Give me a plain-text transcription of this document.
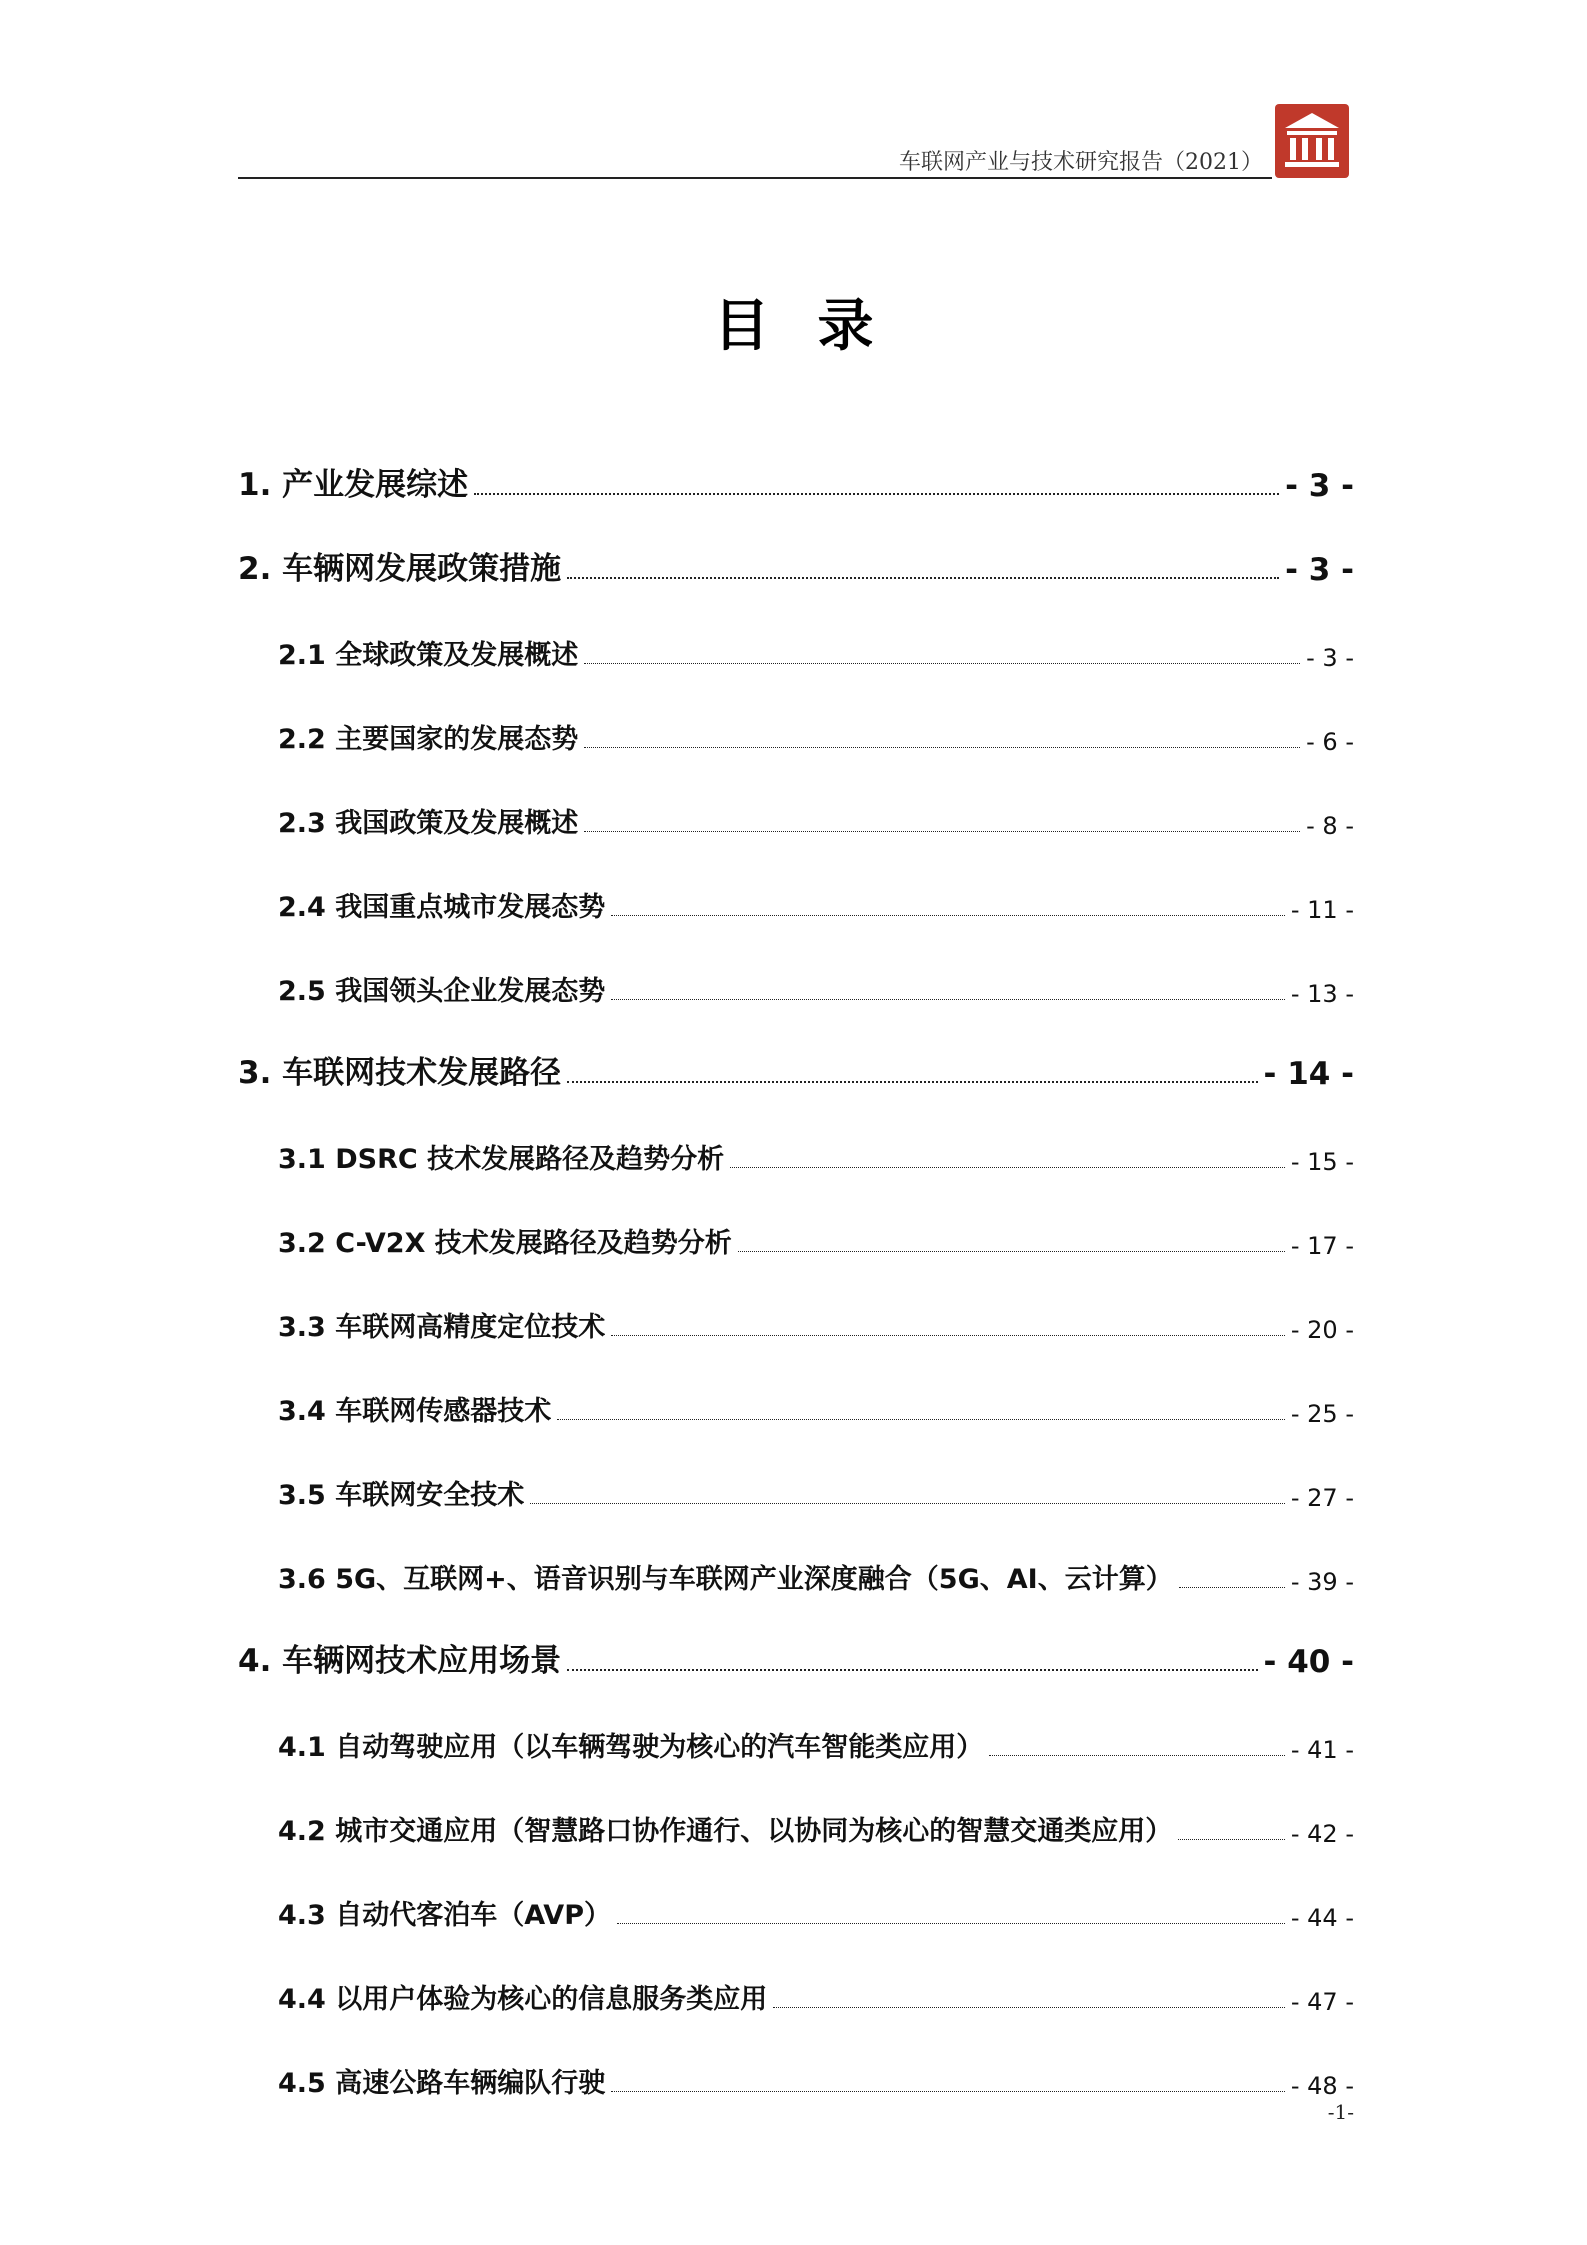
车联网产业与技术研究报告（2021）
目录
1. 产业发展综述	- 3 -
2. 车辆网发展政策措施	- 3 -
2.1 全球政策及发展概述	- 3 -
2.2 主要国家的发展态势	- 6 -
2.3 我国政策及发展概述	- 8 -
2.4 我国重点城市发展态势	- 11 -
2.5 我国领头企业发展态势	- 13 -
3. 车联网技术发展路径	- 14 -
3.1 DSRC 技术发展路径及趋势分析	- 15 -
3.2 C-V2X 技术发展路径及趋势分析	- 17 -
3.3 车联网高精度定位技术	- 20 -
3.4 车联网传感器技术	- 25 -
3.5 车联网安全技术	- 27 -
3.6 5G、互联网+、语音识别与车联网产业深度融合（5G、AI、云计算）	- 39 -
4. 车辆网技术应用场景	- 40 -
4.1 自动驾驶应用（以车辆驾驶为核心的汽车智能类应用）	- 41 -
4.2 城市交通应用（智慧路口协作通行、以协同为核心的智慧交通类应用）	- 42 -
4.3 自动代客泊车（AVP）	- 44 -
4.4 以用户体验为核心的信息服务类应用	- 47 -
4.5 高速公路车辆编队行驶	- 48 -
-1-
